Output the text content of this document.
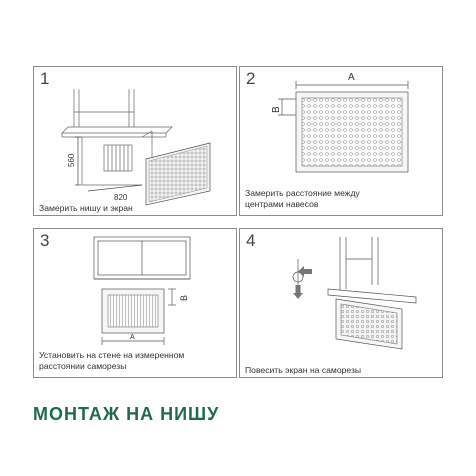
1
560
820
Замерить нишу и экран
2	A
B
Замерить расстояние между
центрами навесов
3
A
B
Установить на стене на измеренном
расстоянии саморезы
4
Повесить экран на саморезы
МОНТАЖ НА НИШУ
